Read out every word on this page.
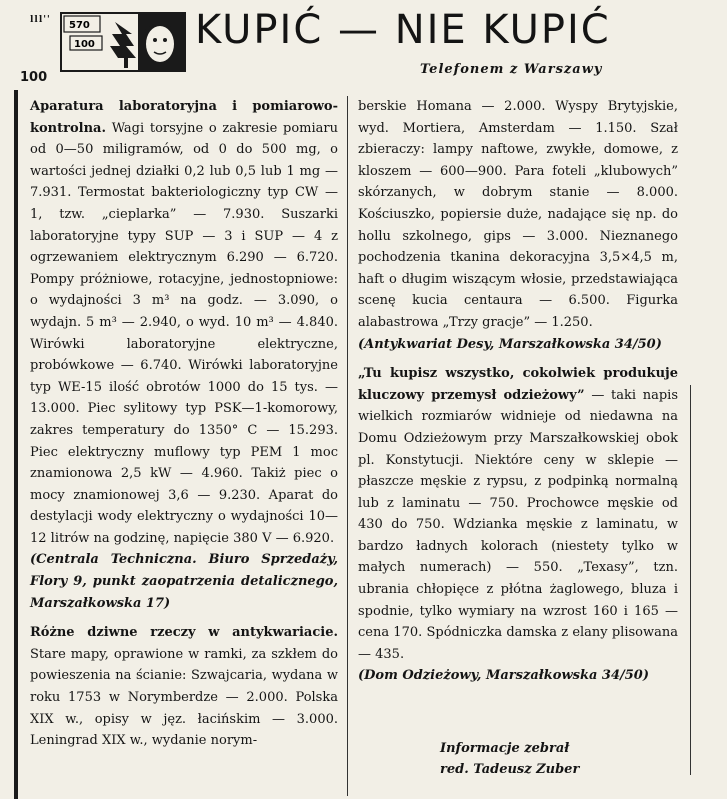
lll'' 570
100
100
KUPIĆ — NIE KUPIĆ
Telefonem z Warszawy

Aparatura laboratoryjna i pomiarowo-kontrolna. Wagi torsyjne o zakresie pomiaru od 0—50 miligramów, od 0 do 500 mg, o wartości jednej działki 0,2 lub 0,5 lub 1 mg — 7.931. Termostat bakteriologiczny typ CW — 1, tzw. „cieplarka” — 7.930. Suszarki laboratoryjne typy SUP — 3 i SUP — 4 z ogrzewaniem elektrycznym 6.290 — 6.720. Pompy próżniowe, rotacyjne, jednostopniowe: o wydajności 3 m³ na godz. — 3.090, o wydajn. 5 m³ — 2.940, o wyd. 10 m³ — 4.840. Wirówki laboratoryjne elektryczne, probówkowe — 6.740. Wirówki laboratoryjne typ WE-15 ilość obrotów 1000 do 15 tys. — 13.000. Piec sylitowy typ PSK—1-komorowy, zakres temperatury do 1350° C — 15.293. Piec elektryczny muflowy typ PEM 1 moc znamionowa 2,5 kW — 4.960. Takiż piec o mocy znamionowej 3,6 — 9.230. Aparat do destylacji wody elektryczny o wydajności 10—12 litrów na godzinę, napięcie 380 V — 6.920.

(Centrala Techniczna. Biuro Sprzedaży, Flory 9, punkt zaopatrzenia detalicznego, Marszałkowska 17)

Różne dziwne rzeczy w antykwariacie. Stare mapy, oprawione w ramki, za szkłem do powieszenia na ścianie: Szwajcaria, wydana w roku 1753 w Norymberdze — 2.000. Polska XIX w., opisy w jęz. łacińskim — 3.000. Leningrad XIX w., wydanie norym-

berskie Homana — 2.000. Wyspy Brytyjskie, wyd. Mortiera, Amsterdam — 1.150. Szał zbieraczy: lampy naftowe, zwykłe, domowe, z kloszem — 600—900. Para foteli „klubowych” skórzanych, w dobrym stanie — 8.000. Kościuszko, popiersie duże, nadające się np. do hollu szkolnego, gips — 3.000. Nieznanego pochodzenia tkanina dekoracyjna 3,5×4,5 m, haft o długim wiszącym włosie, przedstawiająca scenę kucia centaura — 6.500. Figurka alabastrowa „Trzy gracje” — 1.250.

(Antykwariat Desy, Marszałkowska 34/50)

„Tu kupisz wszystko, cokolwiek produkuje kluczowy przemysł odzieżowy” — taki napis wielkich rozmiarów widnieje od niedawna na Domu Odzieżowym przy Marszałkowskiej obok pl. Konstytucji. Niektóre ceny w sklepie — płaszcze męskie z rypsu, z podpinką normalną lub z laminatu — 750. Prochowce męskie od 430 do 750. Wdzianka męskie z laminatu, w bardzo ładnych kolorach (niestety tylko w małych numerach) — 550. „Texasy”, tzn. ubrania chłopięce z płótna żaglowego, bluza i spodnie, tylko wymiary na wzrost 160 i 165 — cena 170. Spódniczka damska z elany plisowana — 435.

(Dom Odzieżowy, Marszałkowska 34/50)

Informacje zebrał
red. Tadeusz Zuber
